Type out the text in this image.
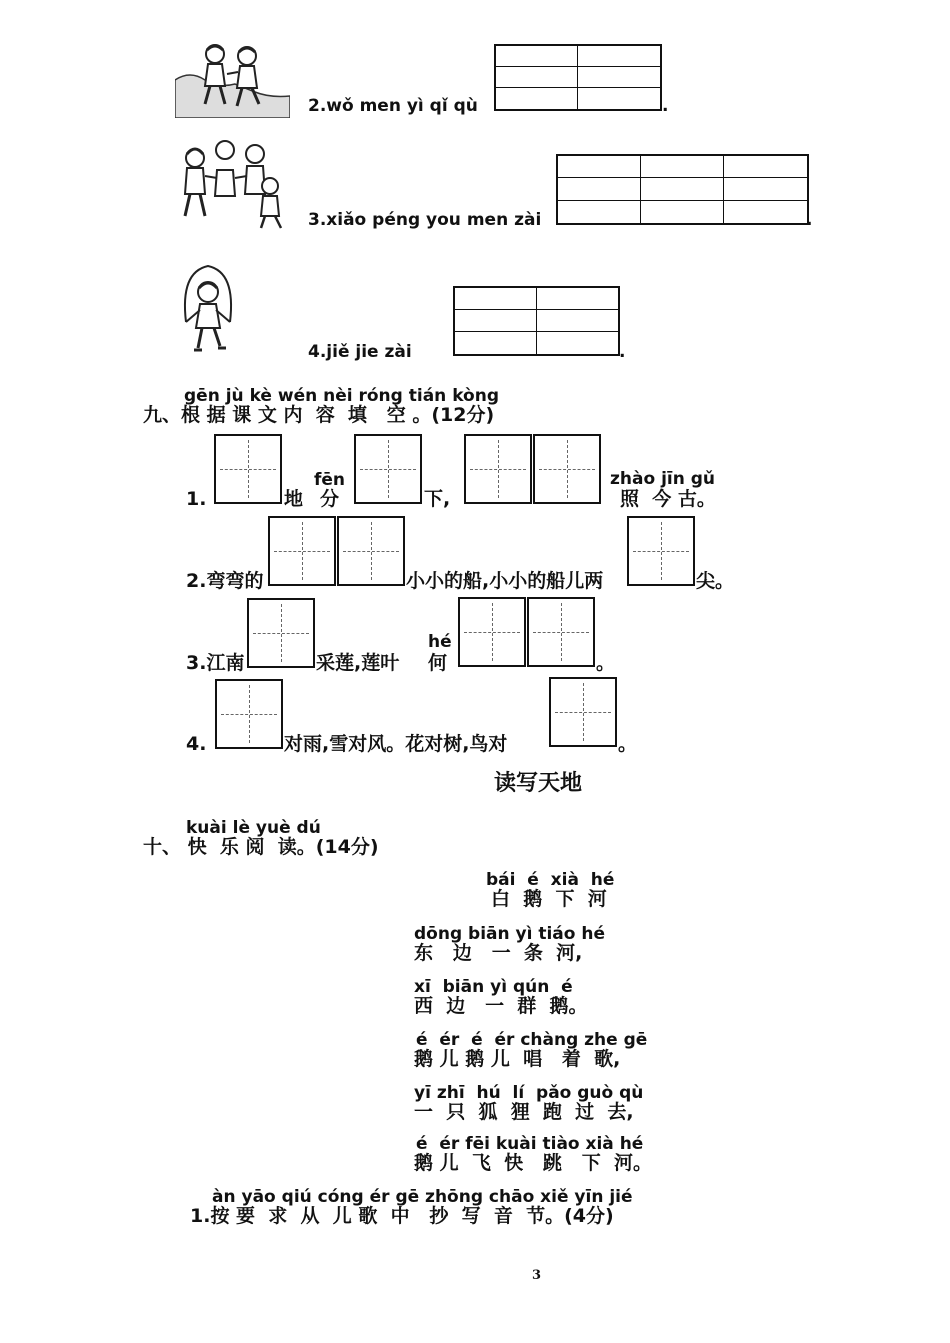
2.wǒ men yì qǐ qù	.
3.xiǎo péng you men zài	.
4.jiě jie zài	.
gēn jù kè wén nèi róng tián kòng
九、根 据 课 文 内  容  填   空 。(12分)
1.	地
fēn
分	下,
zhào jīn gǔ
照  今 古。
2.弯弯的	小小的船,小小的船儿两	尖。
3.江南	采莲,莲叶
hé
何	。
4.	对雨,雪对风。花对树,鸟对	。
读写天地
kuài lè yuè dú
十、 快  乐 阅  读。(14分)
bái  é  xià  hé
白  鹅  下  河
dōng biān yì tiáo hé
东   边   一  条  河,
xī  biān yì qún  é
西  边   一  群  鹅。
é  ér  é  ér chàng zhe gē
鹅 儿 鹅 儿  唱   着  歌,
yī zhī  hú  lí  pǎo guò qù
一  只  狐  狸  跑  过  去,
é  ér fēi kuài tiào xià hé
鹅 儿  飞  快   跳   下  河。
àn yāo qiú cóng ér gē zhōng chāo xiě yīn jié
1.按 要  求  从  儿 歌  中   抄  写  音  节。(4分)
3
